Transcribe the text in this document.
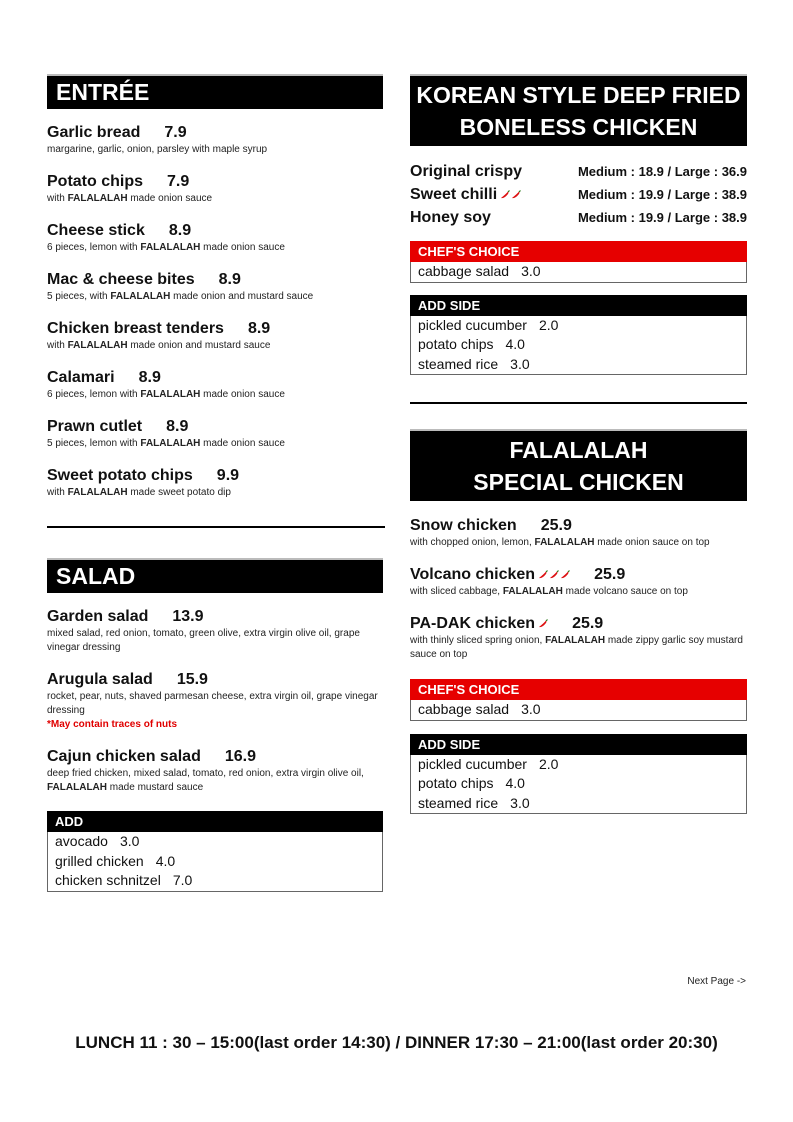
ENTRÉE
Garlic bread 7.9
margarine, garlic, onion, parsley with maple syrup
Potato chips 7.9
with FALALALAH made onion sauce
Cheese stick 8.9
6 pieces, lemon with FALALALAH made onion sauce
Mac & cheese bites 8.9
5 pieces, with FALALALAH made onion and mustard sauce
Chicken breast tenders 8.9
with FALALALAH made onion and mustard sauce
Calamari 8.9
6 pieces, lemon with FALALALAH made onion sauce
Prawn cutlet 8.9
5 pieces, lemon with FALALALAH made onion sauce
Sweet potato chips 9.9
with FALALALAH made sweet potato dip
SALAD
Garden salad 13.9
mixed salad, red onion, tomato, green olive, extra virgin olive oil, grape vinegar dressing
Arugula salad 15.9
rocket, pear, nuts, shaved parmesan cheese, extra virgin oil, grape vinegar dressing
*May contain traces of nuts
Cajun chicken salad 16.9
deep fried chicken, mixed salad, tomato, red onion, extra virgin olive oil, FALALALAH made mustard sauce
ADD
avocado 3.0
grilled chicken 4.0
chicken schnitzel 7.0
KOREAN STYLE DEEP FRIED
BONELESS CHICKEN
Original crispy	Medium : 18.9 / Large : 36.9
Sweet chilli	Medium : 19.9 / Large : 38.9
Honey soy	Medium : 19.9 / Large : 38.9
CHEF'S CHOICE
cabbage salad 3.0
ADD SIDE
pickled cucumber 2.0
potato chips 4.0
steamed rice 3.0
FALALALAH
SPECIAL CHICKEN
Snow chicken 25.9
with chopped onion, lemon, FALALALAH made onion sauce on top
Volcano chicken	25.9
with sliced cabbage, FALALALAH made volcano sauce on top
PA-DAK chicken 25.9
with thinly sliced spring onion, FALALALAH made zippy garlic soy mustard sauce on top
CHEF'S CHOICE
cabbage salad 3.0
ADD SIDE
pickled cucumber 2.0
potato chips 4.0
steamed rice 3.0
Next Page ->
LUNCH 11 : 30 – 15:00(last order 14:30) / DINNER 17:30 – 21:00(last order 20:30)
